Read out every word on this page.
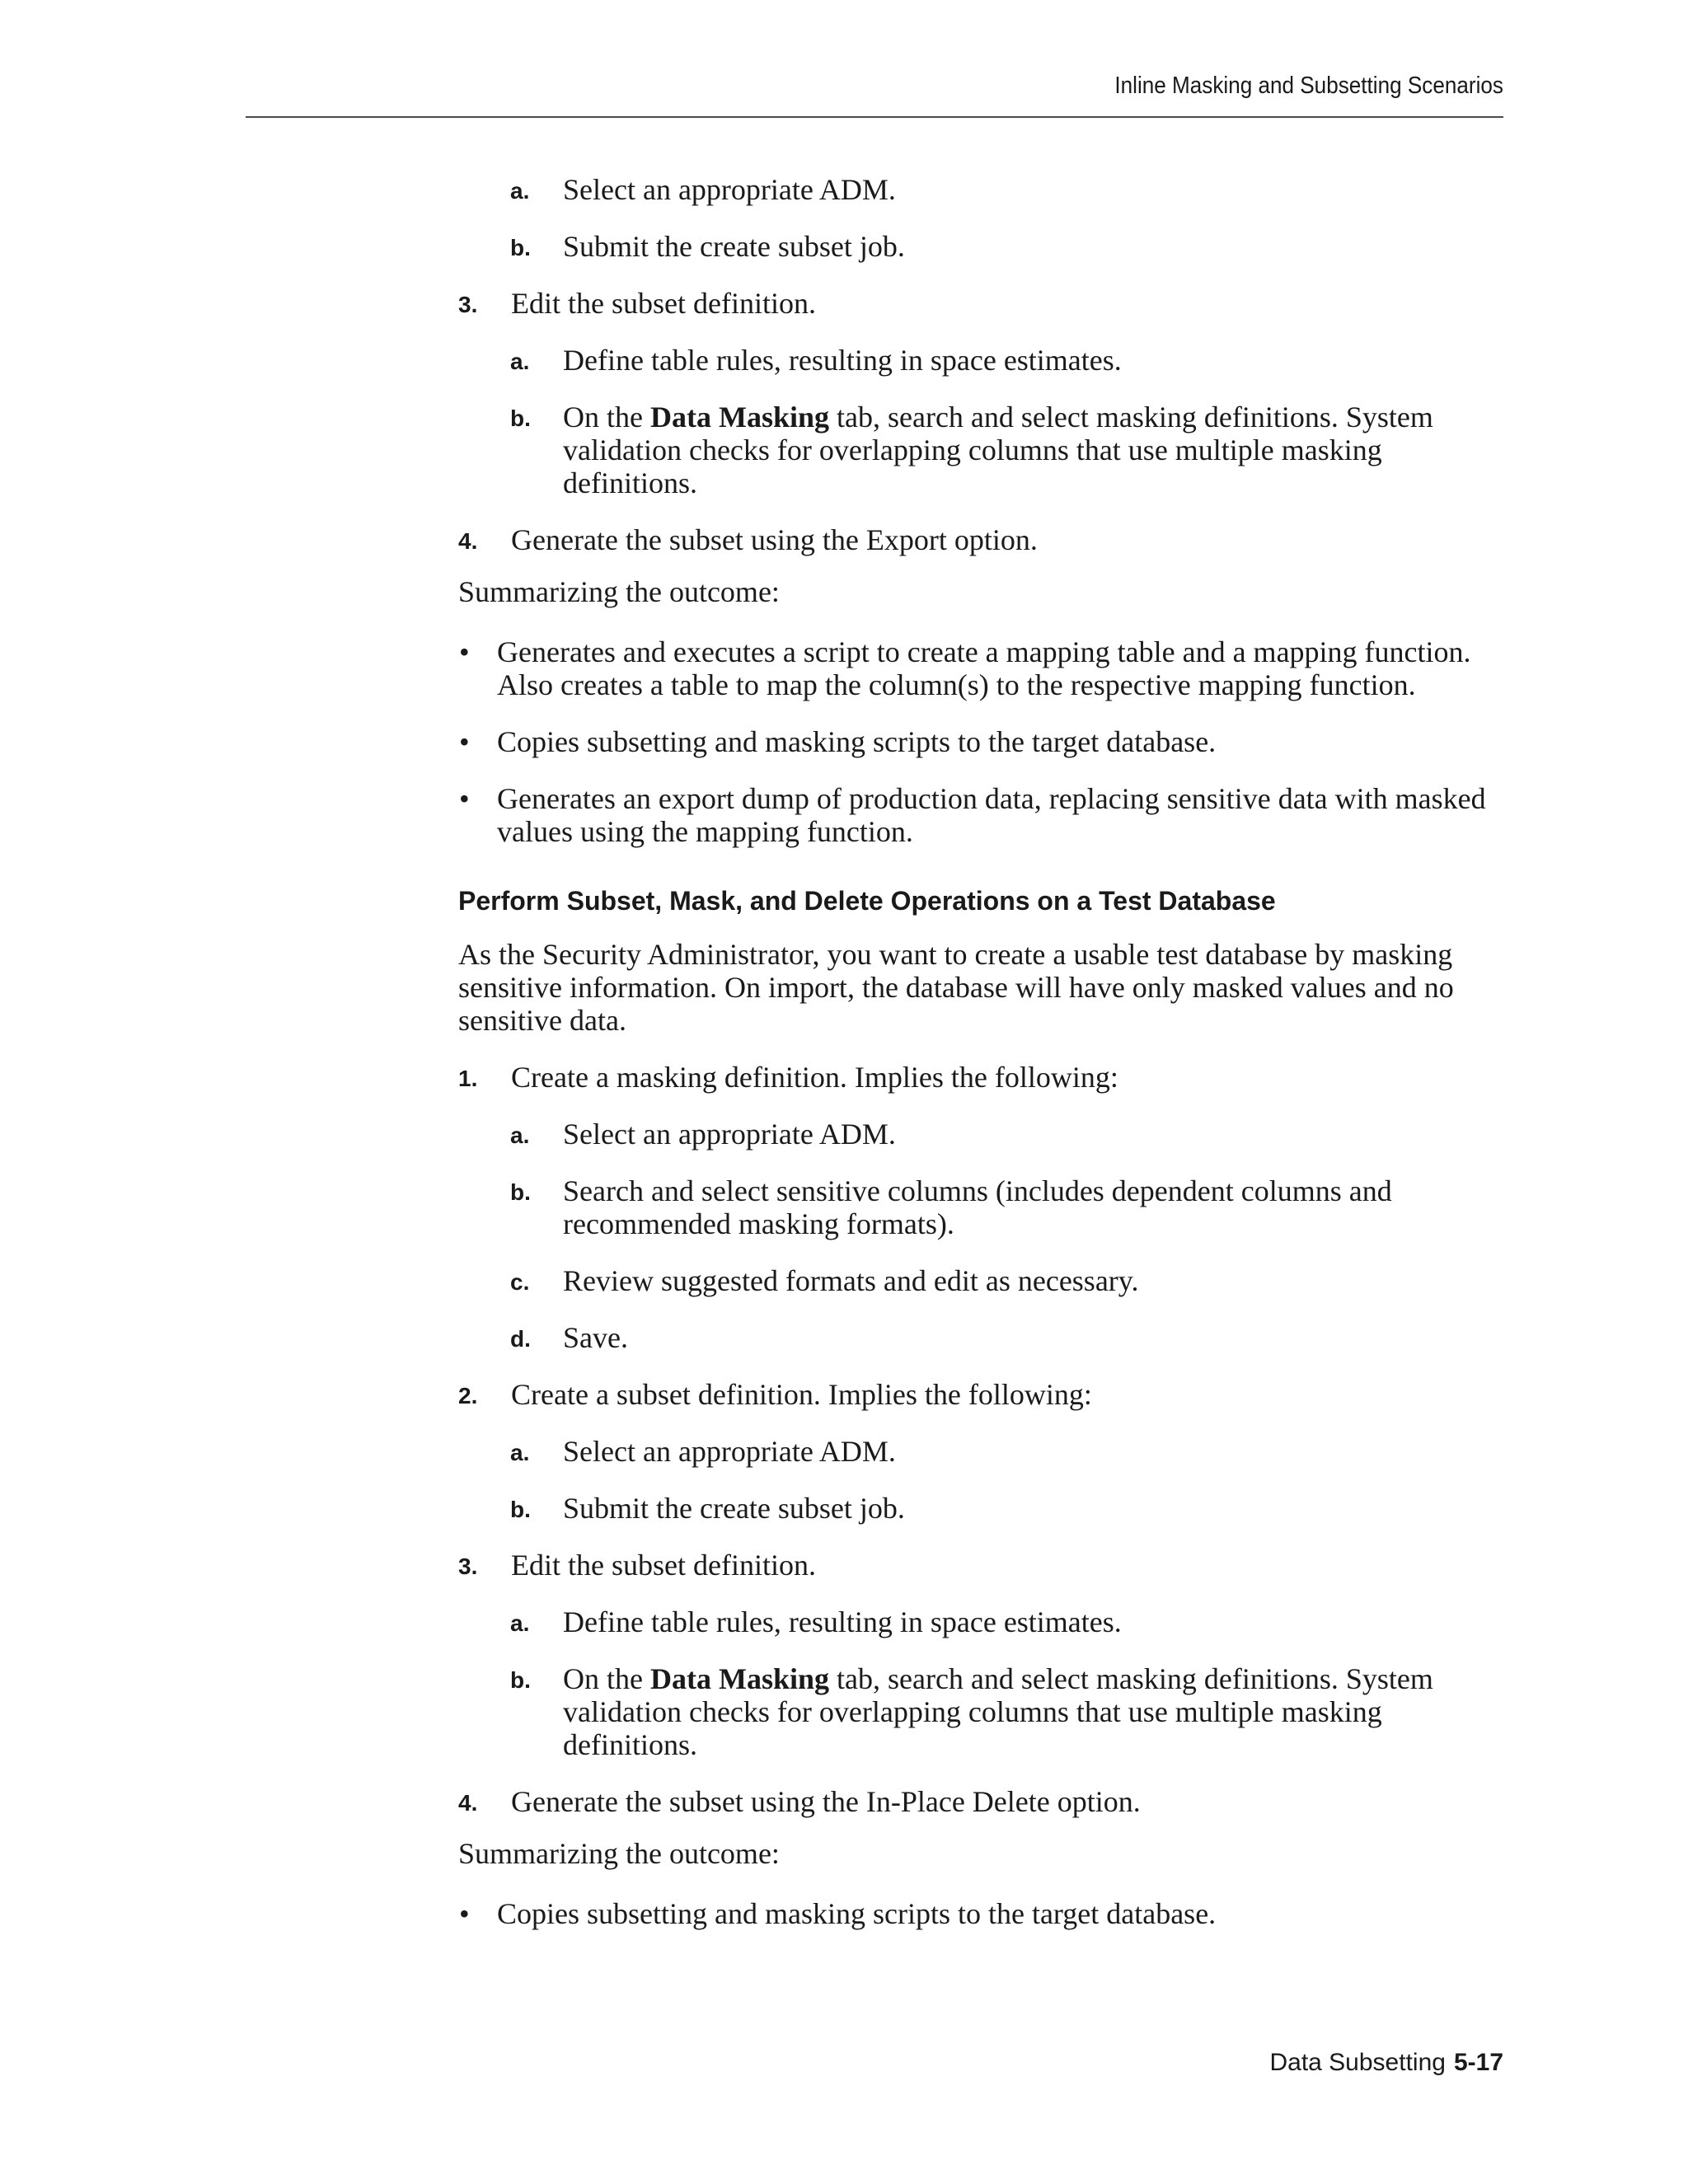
Inline Masking and Subsetting Scenarios
a. Select an appropriate ADM.
b. Submit the create subset job.
3. Edit the subset definition.
a. Define table rules, resulting in space estimates.
b. On the Data Masking tab, search and select masking definitions. System validation checks for overlapping columns that use multiple masking definitions.
4. Generate the subset using the Export option.

Summarizing the outcome:

• Generates and executes a script to create a mapping table and a mapping function. Also creates a table to map the column(s) to the respective mapping function.
• Copies subsetting and masking scripts to the target database.
• Generates an export dump of production data, replacing sensitive data with masked values using the mapping function.
Perform Subset, Mask, and Delete Operations on a Test Database

As the Security Administrator, you want to create a usable test database by masking sensitive information. On import, the database will have only masked values and no sensitive data.

1. Create a masking definition. Implies the following:
a. Select an appropriate ADM.
b. Search and select sensitive columns (includes dependent columns and recommended masking formats).
c. Review suggested formats and edit as necessary.
d. Save.
2. Create a subset definition. Implies the following:
a. Select an appropriate ADM.
b. Submit the create subset job.
3. Edit the subset definition.
a. Define table rules, resulting in space estimates.
b. On the Data Masking tab, search and select masking definitions. System validation checks for overlapping columns that use multiple masking definitions.
4. Generate the subset using the In-Place Delete option.

Summarizing the outcome:

• Copies subsetting and masking scripts to the target database.
Data Subsetting 5-17
